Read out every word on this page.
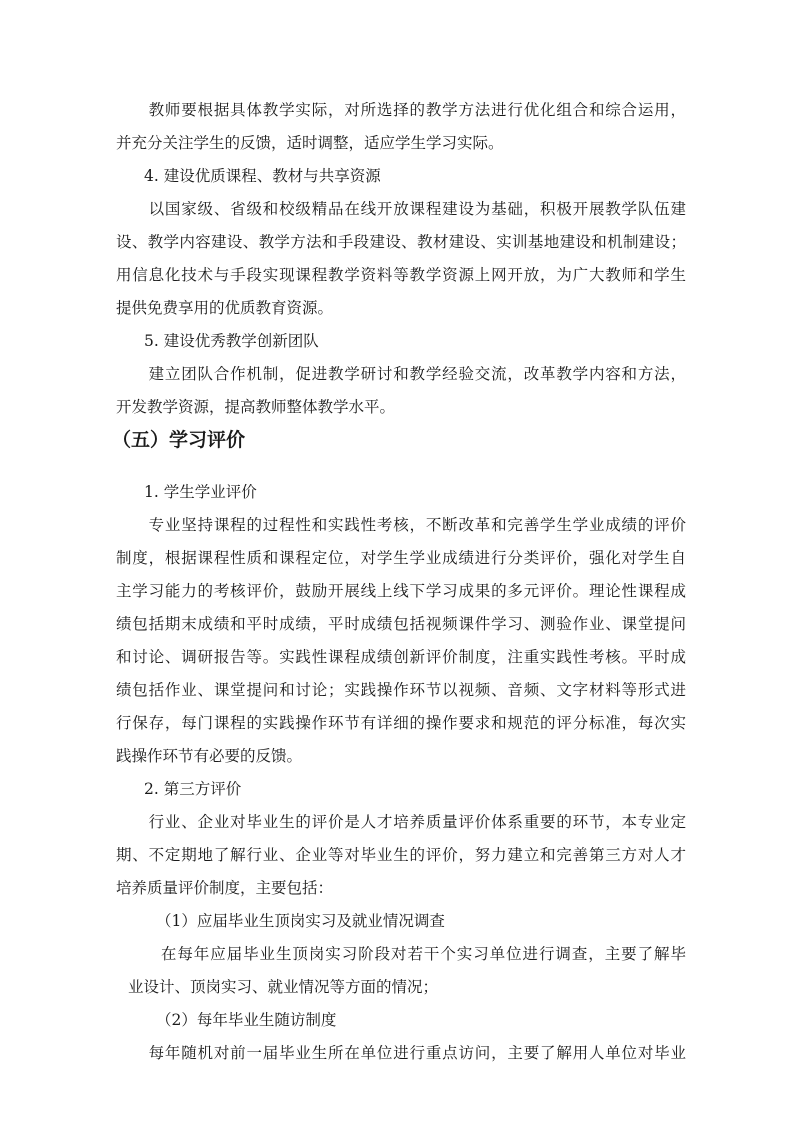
　　教师要根据具体教学实际，对所选择的教学方法进行优化组合和综合运用，
并充分关注学生的反馈，适时调整，适应学生学习实际。
4. 建设优质课程、教材与共享资源
　　以国家级、省级和校级精品在线开放课程建设为基础，积极开展教学队伍建
设、教学内容建设、教学方法和手段建设、教材建设、实训基地建设和机制建设；
用信息化技术与手段实现课程教学资料等教学资源上网开放，为广大教师和学生
提供免费享用的优质教育资源。
5. 建设优秀教学创新团队
　　建立团队合作机制，促进教学研讨和教学经验交流，改革教学内容和方法，
开发教学资源，提高教师整体教学水平。
（五）学习评价
1. 学生学业评价
　　专业坚持课程的过程性和实践性考核，不断改革和完善学生学业成绩的评价
制度，根据课程性质和课程定位，对学生学业成绩进行分类评价，强化对学生自
主学习能力的考核评价，鼓励开展线上线下学习成果的多元评价。理论性课程成
绩包括期末成绩和平时成绩，平时成绩包括视频课件学习、测验作业、课堂提问
和讨论、调研报告等。实践性课程成绩创新评价制度，注重实践性考核。平时成
绩包括作业、课堂提问和讨论；实践操作环节以视频、音频、文字材料等形式进
行保存，每门课程的实践操作环节有详细的操作要求和规范的评分标准，每次实
践操作环节有必要的反馈。
2. 第三方评价
　　行业、企业对毕业生的评价是人才培养质量评价体系重要的环节，本专业定
期、不定期地了解行业、企业等对毕业生的评价，努力建立和完善第三方对人才
培养质量评价制度，主要包括：
（1）应届毕业生顶岗实习及就业情况调查
　　在每年应届毕业生顶岗实习阶段对若干个实习单位进行调查，主要了解毕
业设计、顶岗实习、就业情况等方面的情况；
（2）每年毕业生随访制度
　　每年随机对前一届毕业生所在单位进行重点访问，主要了解用人单位对毕业
